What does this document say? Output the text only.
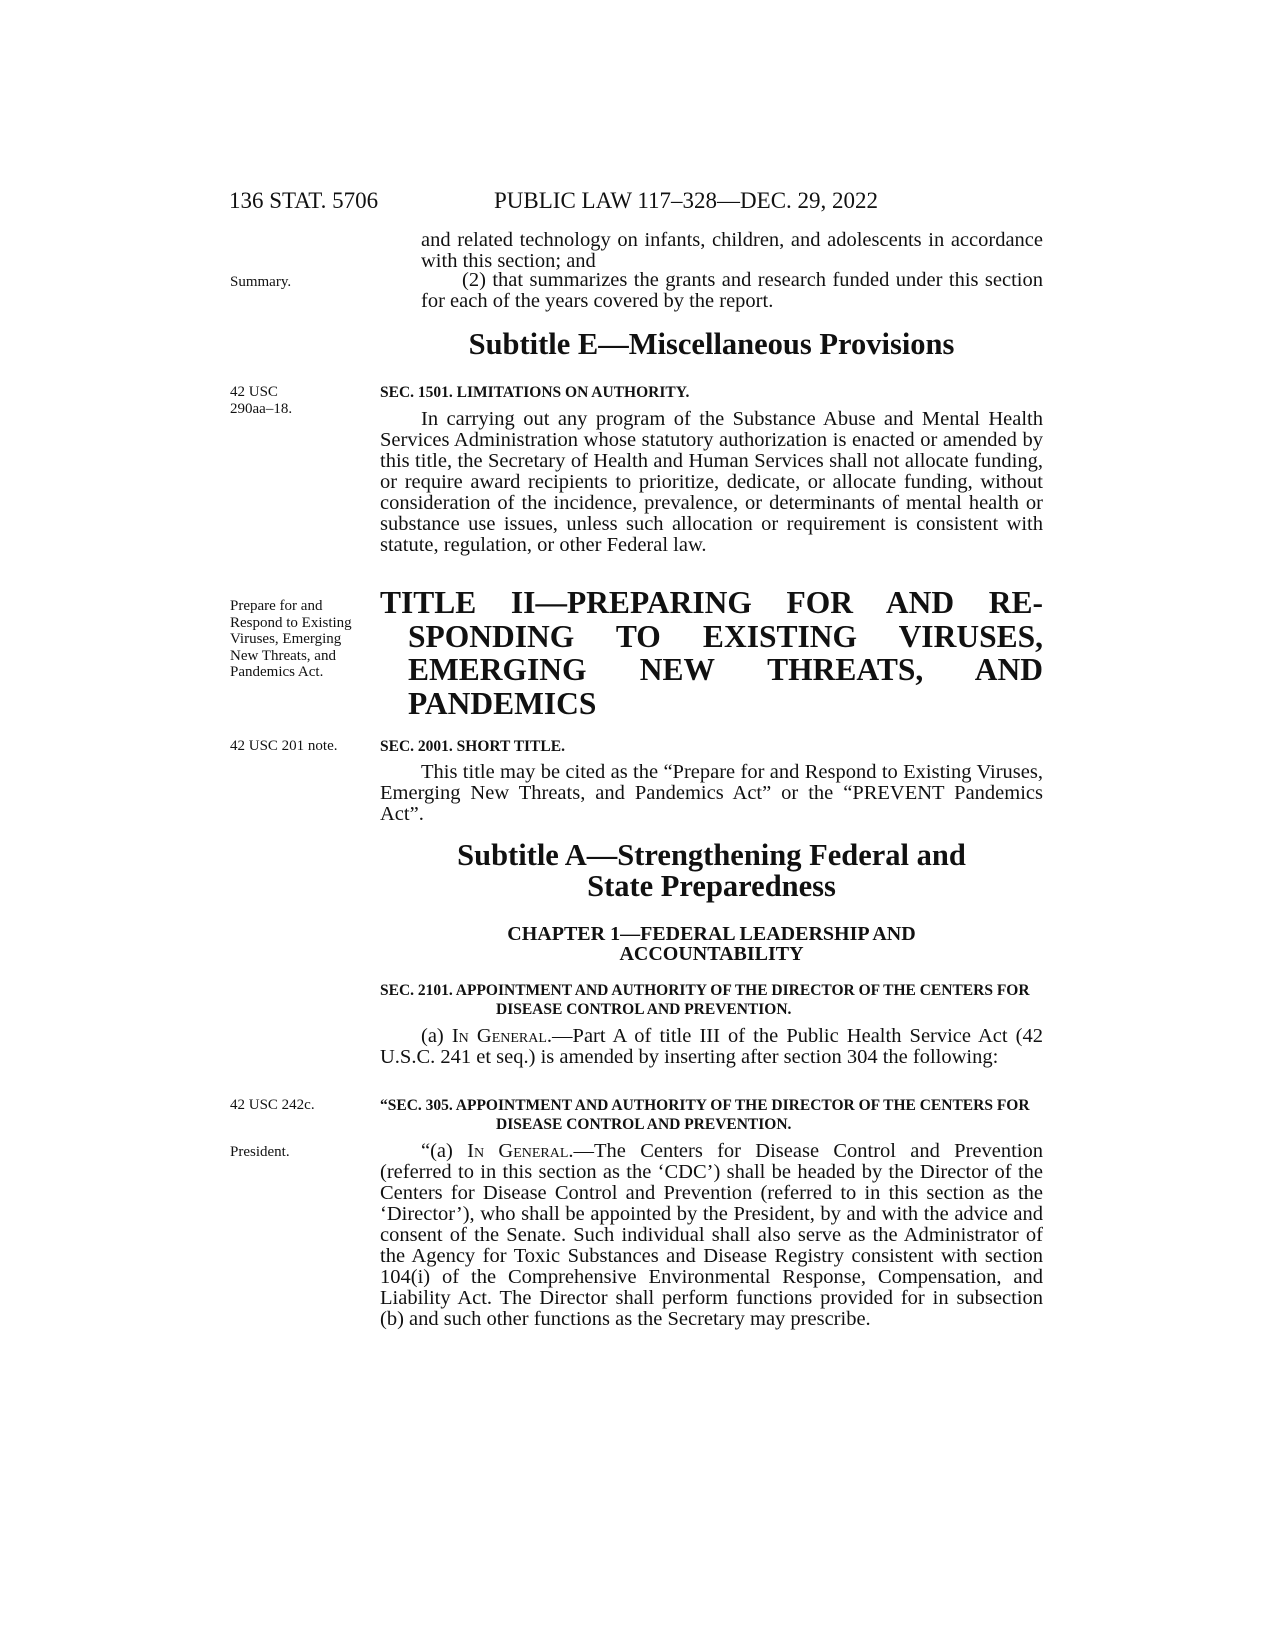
136 STAT. 5706	PUBLIC LAW 117–328—DEC. 29, 2022
Summary.
42 USC 290aa–18.
Prepare for and Respond to Existing Viruses, Emerging New Threats, and Pandemics Act.
42 USC 201 note.
42 USC 242c.
President.
and related technology on infants, children, and adolescents in accordance with this section; and
(2) that summarizes the grants and research funded under this section for each of the years covered by the report.
Subtitle E—Miscellaneous Provisions
SEC. 1501. LIMITATIONS ON AUTHORITY.
In carrying out any program of the Substance Abuse and Mental Health Services Administration whose statutory authorization is enacted or amended by this title, the Secretary of Health and Human Services shall not allocate funding, or require award recipients to prioritize, dedicate, or allocate funding, without consideration of the incidence, prevalence, or determinants of mental health or substance use issues, unless such allocation or requirement is consistent with statute, regulation, or other Federal law.
TITLE II—PREPARING FOR AND RE-
SPONDING TO EXISTING VIRUSES,
EMERGING NEW THREATS, AND
PANDEMICS
SEC. 2001. SHORT TITLE.
This title may be cited as the “Prepare for and Respond to Existing Viruses, Emerging New Threats, and Pandemics Act” or the “PREVENT Pandemics Act”.
Subtitle A—Strengthening Federal and
State Preparedness
CHAPTER 1—FEDERAL LEADERSHIP AND
ACCOUNTABILITY
SEC. 2101. APPOINTMENT AND AUTHORITY OF THE DIRECTOR OF THE CENTERS FOR DISEASE CONTROL AND PREVENTION.
(a) In General.—Part A of title III of the Public Health Service Act (42 U.S.C. 241 et seq.) is amended by inserting after section 304 the following:
“SEC. 305. APPOINTMENT AND AUTHORITY OF THE DIRECTOR OF THE CENTERS FOR DISEASE CONTROL AND PREVENTION.
“(a) In General.—The Centers for Disease Control and Prevention (referred to in this section as the ‘CDC’) shall be headed by the Director of the Centers for Disease Control and Prevention (referred to in this section as the ‘Director’), who shall be appointed by the President, by and with the advice and consent of the Senate. Such individual shall also serve as the Administrator of the Agency for Toxic Substances and Disease Registry consistent with section 104(i) of the Comprehensive Environmental Response, Compensation, and Liability Act. The Director shall perform functions provided for in subsection (b) and such other functions as the Secretary may prescribe.
